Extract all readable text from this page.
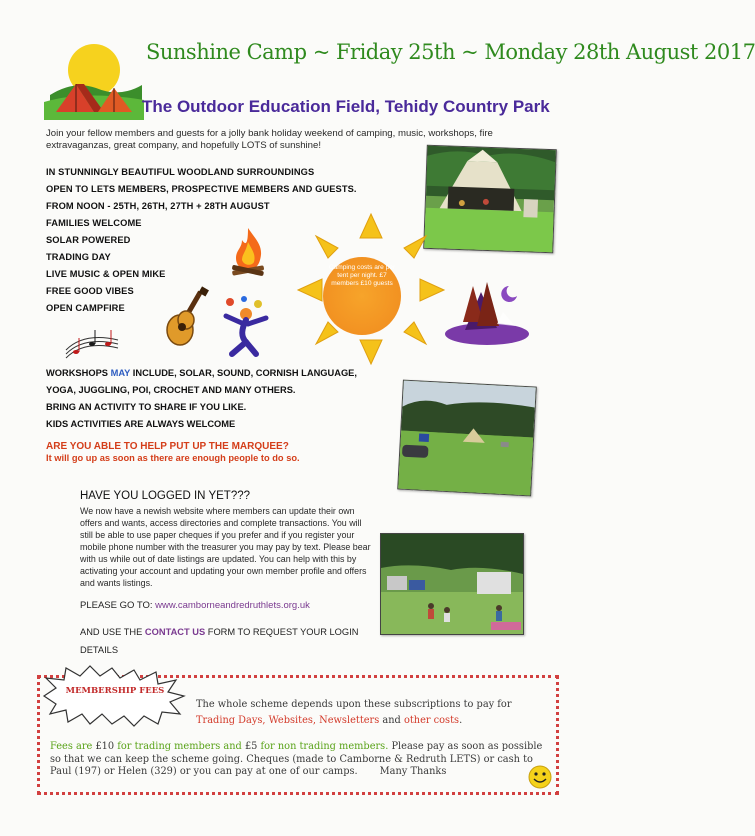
Sunshine Camp ~ Friday 25th ~ Monday 28th August 2017
The Outdoor Education Field, Tehidy Country Park
Join your fellow members and guests for a jolly bank holiday weekend of camping, music, workshops, fire extravaganzas, great company, and hopefully LOTS of sunshine!
IN STUNNINGLY BEAUTIFUL WOODLAND SURROUNDINGS
OPEN TO LETS MEMBERS, PROSPECTIVE MEMBERS AND GUESTS.
FROM NOON - 25TH, 26TH, 27TH + 28TH AUGUST
FAMILIES WELCOME
SOLAR POWERED
TRADING DAY
LIVE MUSIC & OPEN MIKE
FREE GOOD VIBES
OPEN CAMPFIRE
Camping costs are per tent per night. £7 members £10 guests
WORKSHOPS MAY INCLUDE, SOLAR, SOUND, CORNISH LANGUAGE,
YOGA, JUGGLING, POI, CROCHET AND MANY OTHERS.
BRING AN ACTIVITY TO SHARE IF YOU LIKE.
KIDS ACTIVITIES ARE ALWAYS WELCOME
ARE YOU ABLE TO HELP PUT UP THE MARQUEE?
It will go up as soon as there are enough people to do so.
HAVE YOU LOGGED IN YET???
We now have a newish website where members can update their own offers and wants, access directories and complete transactions. You will still be able to use paper cheques if you prefer and if you register your mobile phone number with the treasurer you may pay by text. Please bear with us while out of date listings are updated. You can help with this by activating your account and updating your own member profile and offers and wants listings.
PLEASE GO TO: www.camborneandredruthlets.org.uk
AND USE THE CONTACT US FORM TO REQUEST YOUR LOGIN DETAILS
MEMBERSHIP FEES
The whole scheme depends upon these subscriptions to pay for Trading Days, Websites, Newsletters and other costs.
Fees are £10 for trading members and £5 for non trading members. Please pay as soon as possible so that we can keep the scheme going. Cheques (made to Camborne & Redruth LETS) or cash to Paul (197) or Helen (329) or you can pay at one of our camps. Many Thanks
